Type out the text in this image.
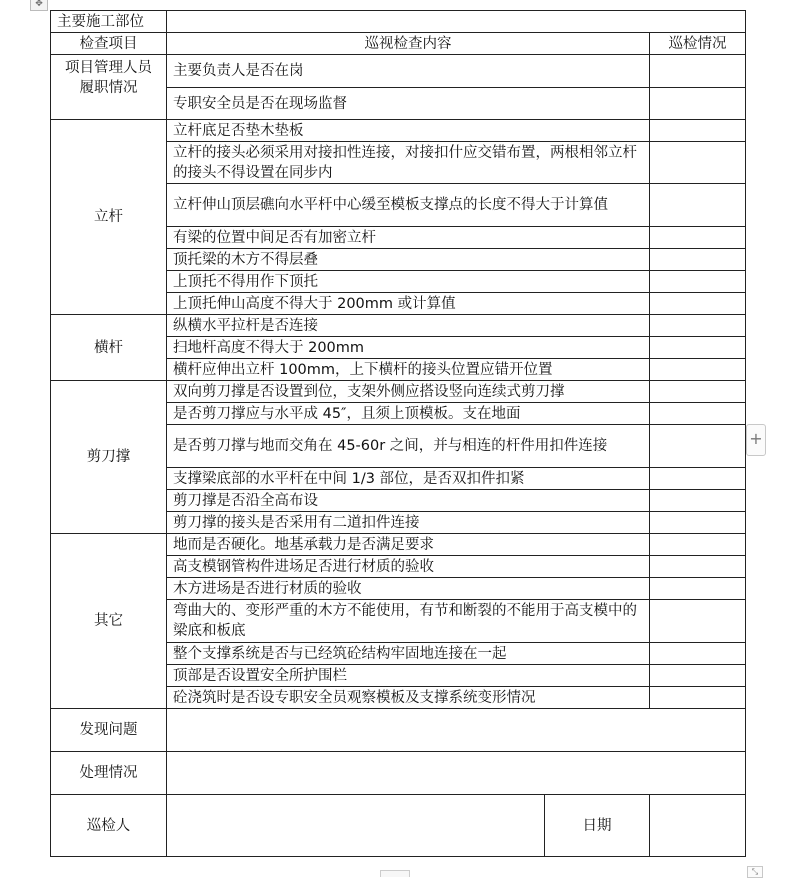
✥
主要施工部位			
检查项目	巡视检查内容		巡检情况
项目管理人员
履职情况	主要负责人是否在岗		
	专职安全员是否在现场监督		
立杆	立杆底足否垫木垫板		
	立杆的接头必须采用对接扣性连接，对接扣什应交错布置，两根相邻立杆的接头不得设置在同步内		
	立杆伸山顶层礁向水平杆中心缓至模板支撑点的长度不得大于计算值		
	有梁的位置中间足否有加密立杆		
	顶托梁的木方不得层叠		
	上顶托不得用作下顶托		
	上顶托伸山高度不得大于 200mm 或计算值		
横杆	纵横水平拉杆是否连接		
	扫地杆高度不得大于 200mm		
	横杆应伸出立杆 100mm，上下横杆的接头位置应错开位置		
剪刀撑	双向剪刀撑是否设置到位，支架外侧应搭设竖向连续式剪刀撑		
	是否剪刀撑应与水平成 45″，且须上顶模板。支在地面		
	是否剪刀撑与地而交角在 45-60r 之间，并与相连的杆件用扣件连接		
	支撑梁底部的水平杆在中间 1/3 部位，是否双扣件扣紧		
	剪刀撑是否沿全高布设		
	剪刀撑的接头是否采用有二道扣件连接		
其它	地而是否硬化。地基承载力是否满足要求		
	高支模钢管构件进场足否进行材质的验收		
	木方进场是否进行材质的验收		
	弯曲大的、变形严重的木方不能使用，有节和断裂的不能用于高支模中的梁底和板底		
	整个支撑系统是否与已经筑砼结构牢固地连接在一起		
	顶部是否设置安全所护围栏		
	砼浇筑时是否设专职安全员观察模板及支撑系统变形情况		
发现问题			
处理情况			
巡检人		日期	
+
⤡
